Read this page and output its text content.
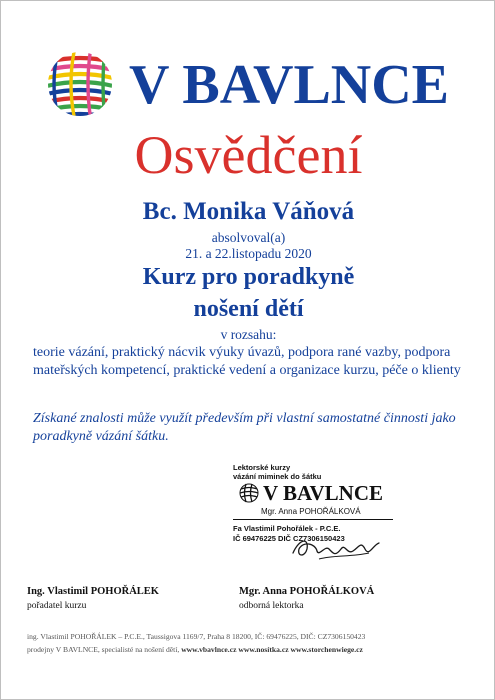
V BAVLNCE
Osvědčení
Bc. Monika Váňová
absolvoval(a)
21. a 22.listopadu 2020
Kurz pro poradkyně
nošení dětí
v rozsahu:
teorie vázání, praktický nácvik výuky úvazů, podpora rané vazby, podpora mateřských kompetencí, praktické vedení a organizace kurzu, péče o klienty
Získané znalosti může využít především při vlastní samostatné činnosti jako poradkyně vázání šátku.
Lektorské kurzy
vázání miminek do šátku
V BAVLNCE
Mgr. Anna POHOŘÁLKOVÁ
Fa Vlastimil Pohořálek - P.C.E.
IČ 69476225 DIČ CZ7306150423
Ing. Vlastimil POHOŘÁLEK
pořadatel kurzu
Mgr. Anna POHOŘÁLKOVÁ
odborná lektorka
ing. Vlastimil POHOŘÁLEK – P.C.E., Taussigova 1169/7, Praha 8 18200, IČ: 69476225, DIČ: CZ7306150423
prodejny V BAVLNCE, specialisté na nošení dětí, www.vbavlnce.cz www.nosítka.cz www.storchenwiege.cz
